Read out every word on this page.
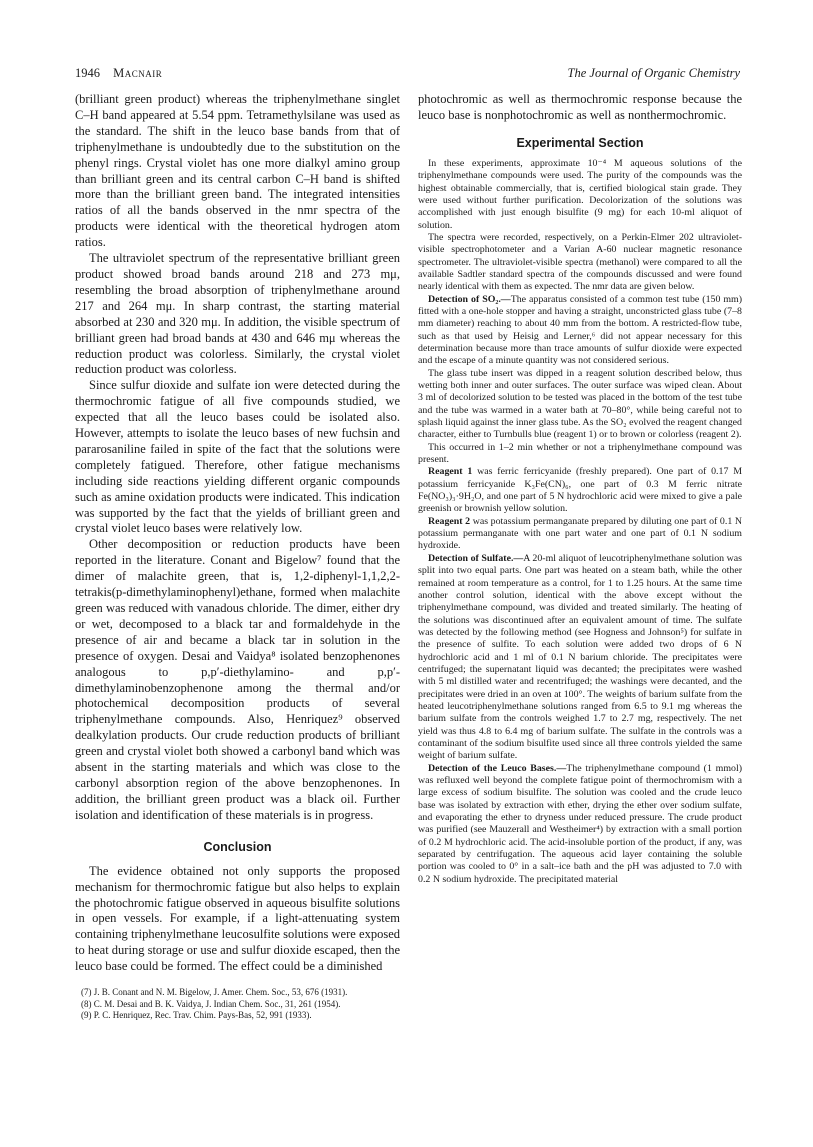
1946 Macnair	The Journal of Organic Chemistry

(brilliant green product) whereas the triphenylmethane singlet C–H band appeared at 5.54 ppm. Tetramethylsilane was used as the standard. The shift in the leuco base bands from that of triphenylmethane is undoubtedly due to the substitution on the phenyl rings. Crystal violet has one more dialkyl amino group than brilliant green and its central carbon C–H band is shifted more than the brilliant green band. The integrated intensities ratios of all the bands observed in the nmr spectra of the products were identical with the theoretical hydrogen atom ratios.

The ultraviolet spectrum of the representative brilliant green product showed broad bands around 218 and 273 mμ, resembling the broad absorption of triphenylmethane around 217 and 264 mμ. In sharp contrast, the starting material absorbed at 230 and 320 mμ. In addition, the visible spectrum of brilliant green had broad bands at 430 and 646 mμ whereas the reduction product was colorless. Similarly, the crystal violet reduction product was colorless.

Since sulfur dioxide and sulfate ion were detected during the thermochromic fatigue of all five compounds studied, we expected that all the leuco bases could be isolated also. However, attempts to isolate the leuco bases of new fuchsin and pararosaniline failed in spite of the fact that the solutions were completely fatigued. Therefore, other fatigue mechanisms including side reactions yielding different organic compounds such as amine oxidation products were indicated. This indication was supported by the fact that the yields of brilliant green and crystal violet leuco bases were relatively low.

Other decomposition or reduction products have been reported in the literature. Conant and Bigelow⁷ found that the dimer of malachite green, that is, 1,2-diphenyl-1,1,2,2-tetrakis(p-dimethylaminophenyl)ethane, formed when malachite green was reduced with vanadous chloride. The dimer, either dry or wet, decomposed to a black tar and formaldehyde in the presence of air and became a black tar in solution in the presence of oxygen. Desai and Vaidya⁸ isolated benzophenones analogous to p,p′-diethylamino- and p,p′-dimethylaminobenzophenone among the thermal and/or photochemical decomposition products of several triphenylmethane compounds. Also, Henriquez⁹ observed dealkylation products. Our crude reduction products of brilliant green and crystal violet both showed a carbonyl band which was absent in the starting materials and which was close to the carbonyl absorption region of the above benzophenones. In addition, the brilliant green product was a black oil. Further isolation and identification of these materials is in progress.

Conclusion

The evidence obtained not only supports the proposed mechanism for thermochromic fatigue but also helps to explain the photochromic fatigue observed in aqueous bisulfite solutions in open vessels. For example, if a light-attenuating system containing triphenylmethane leucosulfite solutions were exposed to heat during storage or use and sulfur dioxide escaped, then the leuco base could be formed. The effect could be a diminished

(7) J. B. Conant and N. M. Bigelow, J. Amer. Chem. Soc., 53, 676 (1931).
(8) C. M. Desai and B. K. Vaidya, J. Indian Chem. Soc., 31, 261 (1954).
(9) P. C. Henriquez, Rec. Trav. Chim. Pays-Bas, 52, 991 (1933).

photochromic as well as thermochromic response because the leuco base is nonphotochromic as well as nonthermochromic.

Experimental Section

In these experiments, approximate 10⁻⁴ M aqueous solutions of the triphenylmethane compounds were used. The purity of the compounds was the highest obtainable commercially, that is, certified biological stain grade. They were used without further purification. Decolorization of the solutions was accomplished with just enough bisulfite (9 mg) for each 10-ml aliquot of solution.

The spectra were recorded, respectively, on a Perkin-Elmer 202 ultraviolet-visible spectrophotometer and a Varian A-60 nuclear magnetic resonance spectrometer. The ultraviolet-visible spectra (methanol) were compared to all the available Sadtler standard spectra of the compounds discussed and were found nearly identical with them as expected. The nmr data are given below.

Detection of SO₂.—The apparatus consisted of a common test tube (150 mm) fitted with a one-hole stopper and having a straight, unconstricted glass tube (7–8 mm diameter) reaching to about 40 mm from the bottom. A restricted-flow tube, such as that used by Heisig and Lerner,⁶ did not appear necessary for this determination because more than trace amounts of sulfur dioxide were expected and the escape of a minute quantity was not considered serious.

The glass tube insert was dipped in a reagent solution described below, thus wetting both inner and outer surfaces. The outer surface was wiped clean. About 3 ml of decolorized solution to be tested was placed in the bottom of the test tube and the tube was warmed in a water bath at 70–80°, while being careful not to splash liquid against the inner glass tube. As the SO₂ evolved the reagent changed character, either to Turnbulls blue (reagent 1) or to brown or colorless (reagent 2).

This occurred in 1–2 min whether or not a triphenylmethane compound was present.

Reagent 1 was ferric ferricyanide (freshly prepared). One part of 0.17 M potassium ferricyanide K₃Fe(CN)₆, one part of 0.3 M ferric nitrate Fe(NO₃)₃·9H₂O, and one part of 5 N hydrochloric acid were mixed to give a pale greenish or brownish yellow solution.

Reagent 2 was potassium permanganate prepared by diluting one part of 0.1 N potassium permanganate with one part water and one part of 0.1 N sodium hydroxide.

Detection of Sulfate.—A 20-ml aliquot of leucotriphenylmethane solution was split into two equal parts. One part was heated on a steam bath, while the other remained at room temperature as a control, for 1 to 1.25 hours. At the same time another control solution, identical with the above except without the triphenylmethane compound, was divided and treated similarly. The heating of the solutions was discontinued after an equivalent amount of time. The sulfate was detected by the following method (see Hogness and Johnson⁵) for sulfate in the presence of sulfite. To each solution were added two drops of 6 N hydrochloric acid and 1 ml of 0.1 N barium chloride. The precipitates were centrifuged; the supernatant liquid was decanted; the precipitates were washed with 5 ml distilled water and recentrifuged; the washings were decanted, and the precipitates were dried in an oven at 100°. The weights of barium sulfate from the heated leucotriphenylmethane solutions ranged from 6.5 to 9.1 mg whereas the barium sulfate from the controls weighed 1.7 to 2.7 mg, respectively. The net yield was thus 4.8 to 6.4 mg of barium sulfate. The sulfate in the controls was a contaminant of the sodium bisulfite used since all three controls yielded the same weight of barium sulfate.

Detection of the Leuco Bases.—The triphenylmethane compound (1 mmol) was refluxed well beyond the complete fatigue point of thermochromism with a large excess of sodium bisulfite. The solution was cooled and the crude leuco base was isolated by extraction with ether, drying the ether over sodium sulfate, and evaporating the ether to dryness under reduced pressure. The crude product was purified (see Mauzerall and Westheimer⁴) by extraction with a small portion of 0.2 M hydrochloric acid. The acid-insoluble portion of the product, if any, was separated by centrifugation. The aqueous acid layer containing the soluble portion was cooled to 0° in a salt–ice bath and the pH was adjusted to 7.0 with 0.2 N sodium hydroxide. The precipitated material
